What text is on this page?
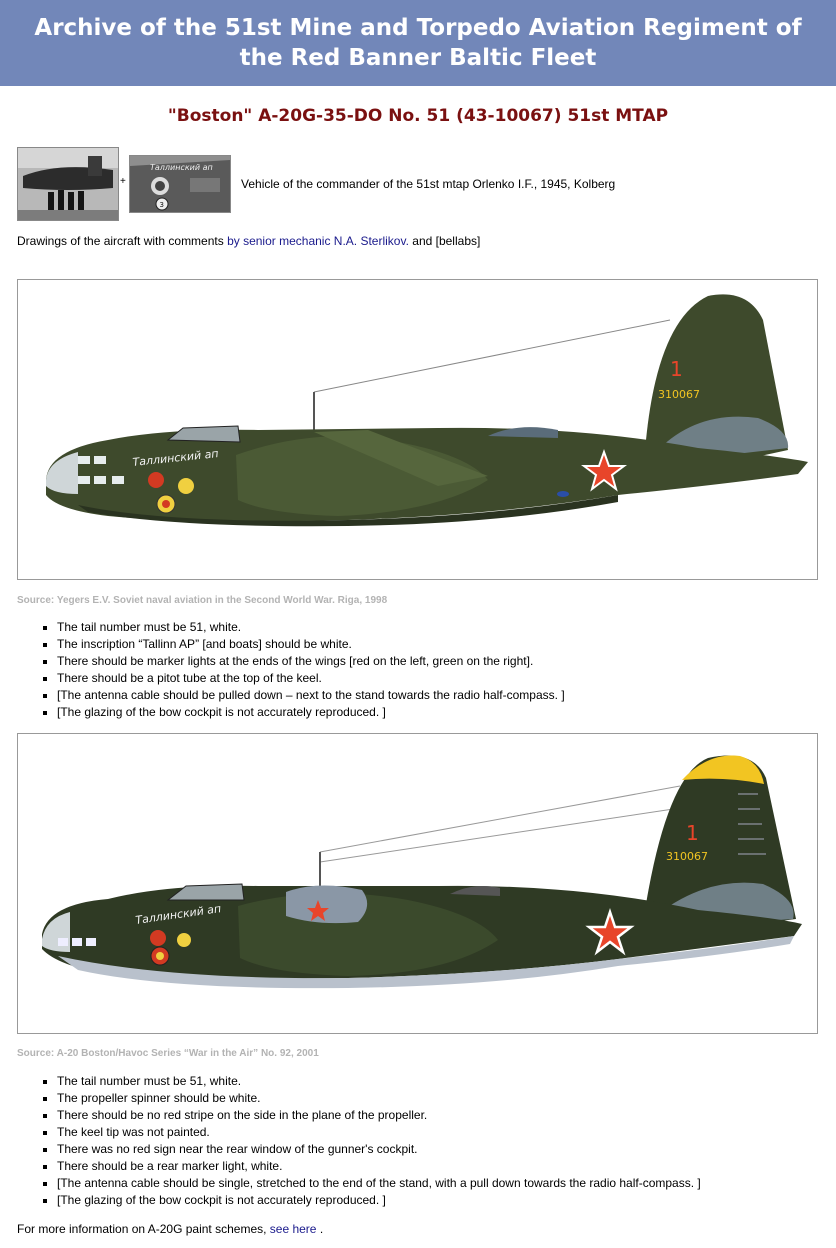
Archive of the 51st Mine and Torpedo Aviation Regiment of the Red Banner Baltic Fleet
"Boston" A-20G-35-DO No. 51 (43-10067) 51st MTAP
+
Таллинский ап
3
Vehicle of the commander of the 51st mtap Orlenko I.F., 1945, Kolberg
Drawings of the aircraft with comments by senior mechanic N.A. Sterlikov. and [bellabs]
Таллинский ап
1
310067
Source: Yegers E.V. Soviet naval aviation in the Second World War. Riga, 1998
▪ The tail number must be 51, white.
▪ The inscription “Tallinn AP” [and boats] should be white.
▪ There should be marker lights at the ends of the wings [red on the left, green on the right].
▪ There should be a pitot tube at the top of the keel.
▪ [The antenna cable should be pulled down – next to the stand towards the radio half-compass. ]
▪ [The glazing of the bow cockpit is not accurately reproduced. ]
Таллинский ап
1
310067
Source: A-20 Boston/Havoc Series “War in the Air” No. 92, 2001
▪ The tail number must be 51, white.
▪ The propeller spinner should be white.
▪ There should be no red stripe on the side in the plane of the propeller.
▪ The keel tip was not painted.
▪ There was no red sign near the rear window of the gunner's cockpit.
▪ There should be a rear marker light, white.
▪ [The antenna cable should be single, stretched to the end of the stand, with a pull down towards the radio half-compass. ]
▪ [The glazing of the bow cockpit is not accurately reproduced. ]
For more information on A-20G paint schemes, see here .
